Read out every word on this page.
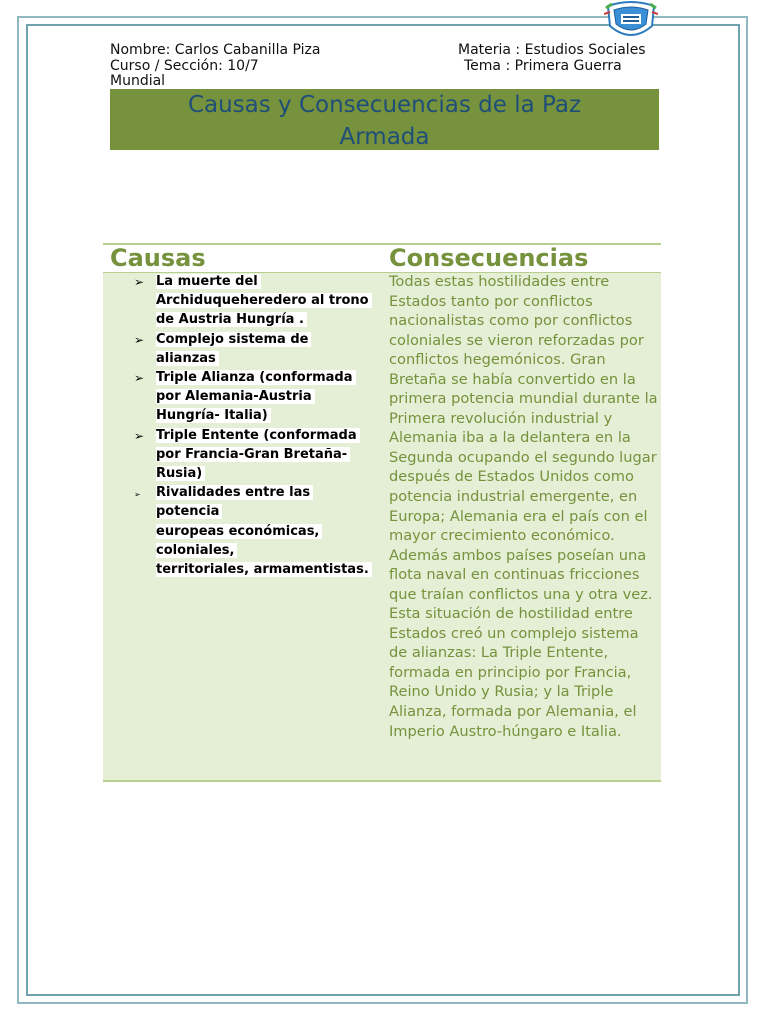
Nombre: Carlos Cabanilla Piza	Materia : Estudios Sociales
Curso / Sección: 10/7	Tema : Primera Guerra
Mundial
Causas y Consecuencias de la Paz
Armada
Causas	Consecuencias
➢ La muerte del
Archiduqueheredero al trono
de Austria Hungría .
➢ Complejo sistema de
alianzas
➢ Triple Alianza (conformada
por Alemania-Austria
Hungría- Italia)
➢ Triple Entente (conformada
por Francia-Gran Bretaña-
Rusia)
➢ Rivalidades entre las
potencia
europeas económicas,
coloniales,
territoriales, armamentistas.

Todas estas hostilidades entre Estados tanto por conflictos nacionalistas como por conflictos coloniales se vieron reforzadas por conflictos hegemónicos. Gran Bretaña se había convertido en la primera potencia mundial durante la Primera revolución industrial y Alemania iba a la delantera en la Segunda ocupando el segundo lugar después de Estados Unidos como potencia industrial emergente, en Europa; Alemania era el país con el mayor crecimiento económico. Además ambos países poseían una flota naval en continuas fricciones que traían conflictos una y otra vez. Esta situación de hostilidad entre Estados creó un complejo sistema de alianzas: La Triple Entente, formada en principio por Francia, Reino Unido y Rusia; y la Triple Alianza, formada por Alemania, el Imperio Austro-húngaro e Italia.
